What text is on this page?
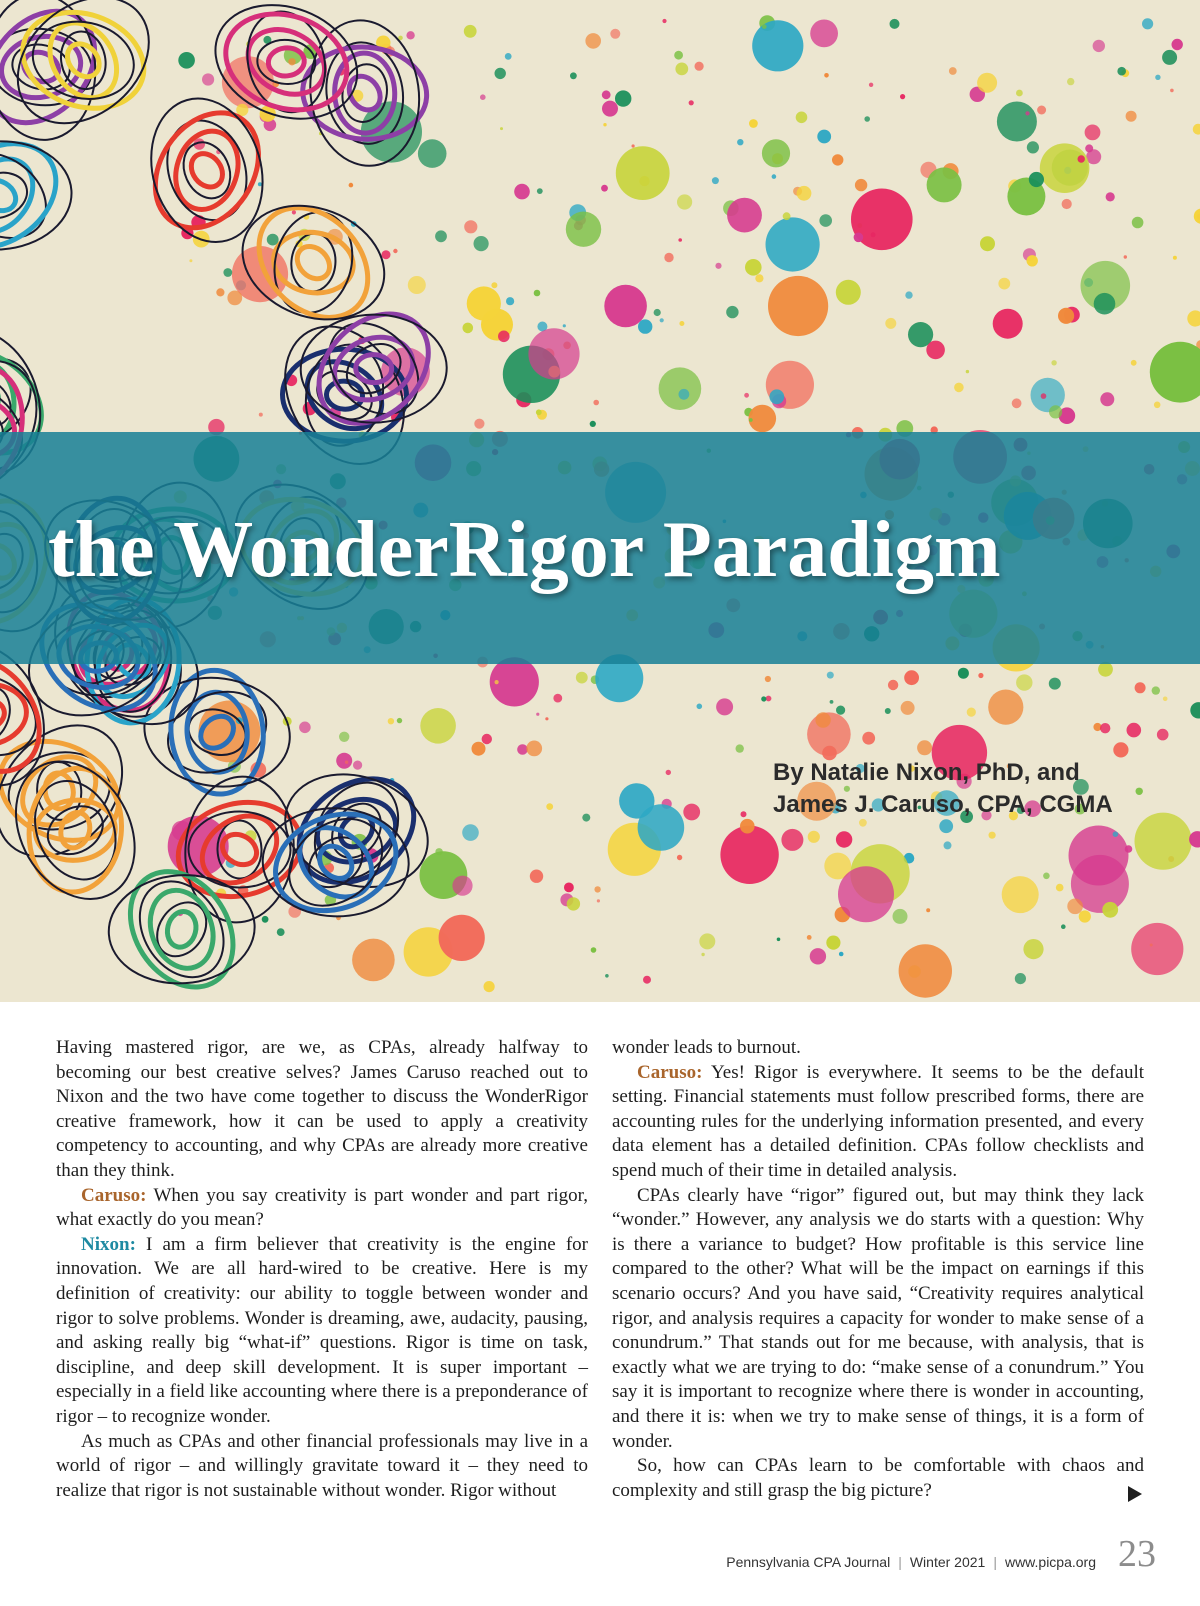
the WonderRigor Paradigm
By Natalie Nixon, PhD, and
James J. Caruso, CPA, CGMA

Having mastered rigor, are we, as CPAs, already halfway to becoming our best creative selves? James Caruso reached out to Nixon and the two have come together to discuss the WonderRigor creative framework, how it can be used to apply a creativity competency to accounting, and why CPAs are already more creative than they think.

Caruso: When you say creativity is part wonder and part rigor, what exactly do you mean?

Nixon: I am a firm believer that creativity is the engine for innovation. We are all hard-wired to be creative. Here is my definition of creativity: our ability to toggle between wonder and rigor to solve problems. Wonder is dreaming, awe, audacity, pausing, and asking really big “what-if” questions. Rigor is time on task, discipline, and deep skill development. It is super important – especially in a field like accounting where there is a preponderance of rigor – to recognize wonder.

As much as CPAs and other financial professionals may live in a world of rigor – and willingly gravitate toward it – they need to realize that rigor is not sustainable without wonder. Rigor without

wonder leads to burnout.

Caruso: Yes! Rigor is everywhere. It seems to be the default setting. Financial statements must follow prescribed forms, there are accounting rules for the underlying information presented, and every data element has a detailed definition. CPAs follow checklists and spend much of their time in detailed analysis.

CPAs clearly have “rigor” figured out, but may think they lack “wonder.” However, any analysis we do starts with a question: Why is there a variance to budget? How profitable is this service line compared to the other? What will be the impact on earnings if this scenario occurs? And you have said, “Creativity requires analytical rigor, and analysis requires a capacity for wonder to make sense of a conundrum.” That stands out for me because, with analysis, that is exactly what we are trying to do: “make sense of a conundrum.” You say it is important to recognize where there is wonder in accounting, and there it is: when we try to make sense of things, it is a form of wonder.

So, how can CPAs learn to be comfortable with chaos and complexity and still grasp the big picture?

Pennsylvania CPA Journal | Winter 2021 | www.picpa.org 23
